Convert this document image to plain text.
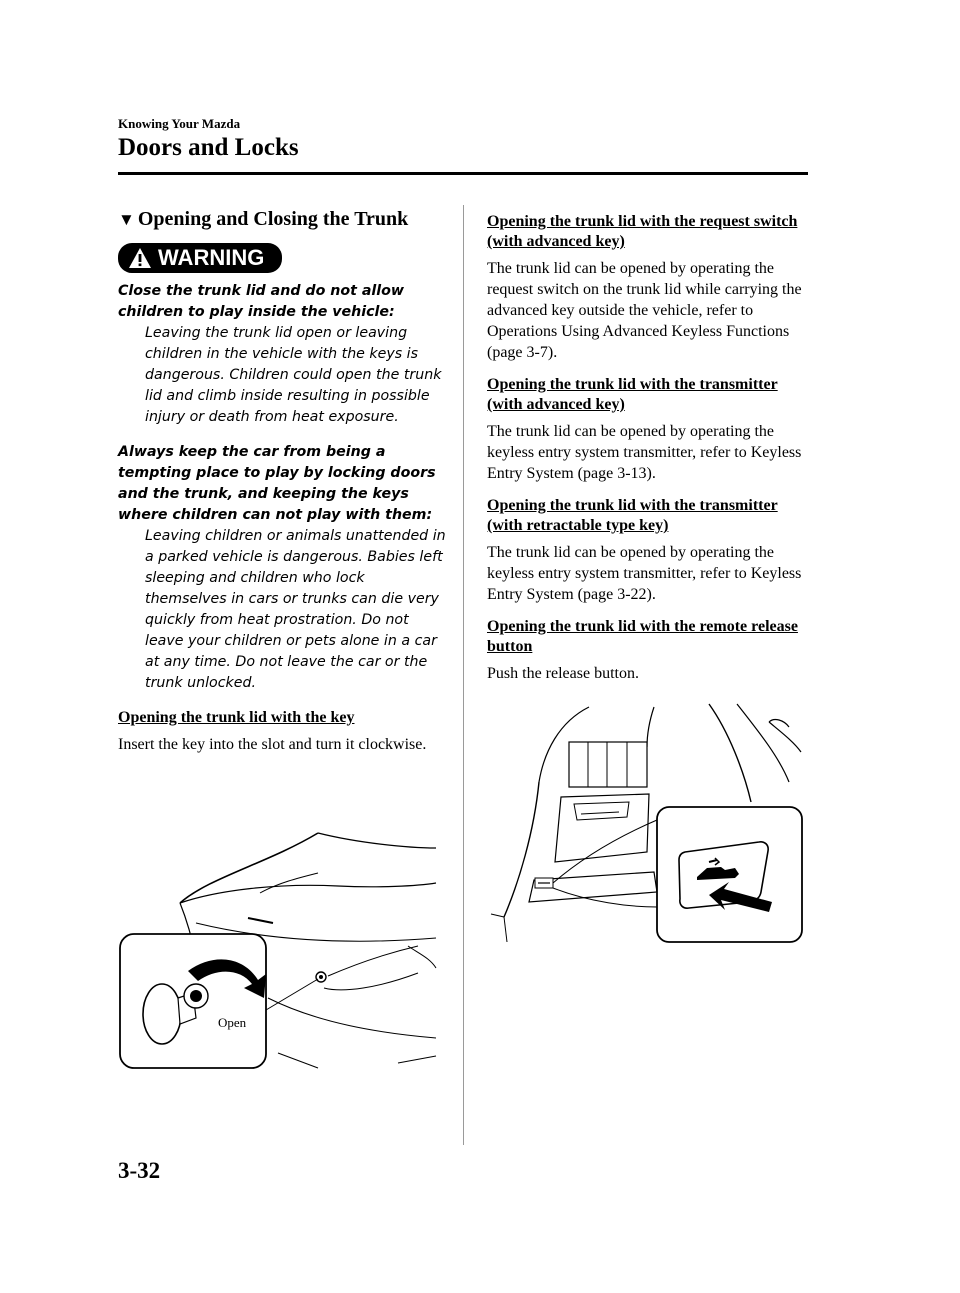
Knowing Your Mazda
Doors and Locks
▼ Opening and Closing the Trunk
WARNING

Close the trunk lid and do not allow children to play inside the vehicle:

Leaving the trunk lid open or leaving children in the vehicle with the keys is dangerous. Children could open the trunk lid and climb inside resulting in possible injury or death from heat exposure.

Always keep the car from being a tempting place to play by locking doors and the trunk, and keeping the keys where children can not play with them:

Leaving children or animals unattended in a parked vehicle is dangerous. Babies left sleeping and children who lock themselves in cars or trunks can die very quickly from heat prostration. Do not leave your children or pets alone in a car at any time. Do not leave the car or the trunk unlocked.

Opening the trunk lid with the key
Insert the key into the slot and turn it clockwise.
Open
Opening the trunk lid with the request switch (with advanced key)
The trunk lid can be opened by operating the request switch on the trunk lid while carrying the advanced key outside the vehicle, refer to Operations Using Advanced Keyless Functions (page 3-7).
Opening the trunk lid with the transmitter (with advanced key)
The trunk lid can be opened by operating the keyless entry system transmitter, refer to Keyless Entry System (page 3-13).
Opening the trunk lid with the transmitter (with retractable type key)
The trunk lid can be opened by operating the keyless entry system transmitter, refer to Keyless Entry System (page 3-22).
Opening the trunk lid with the remote release button
Push the release button.
3-32
